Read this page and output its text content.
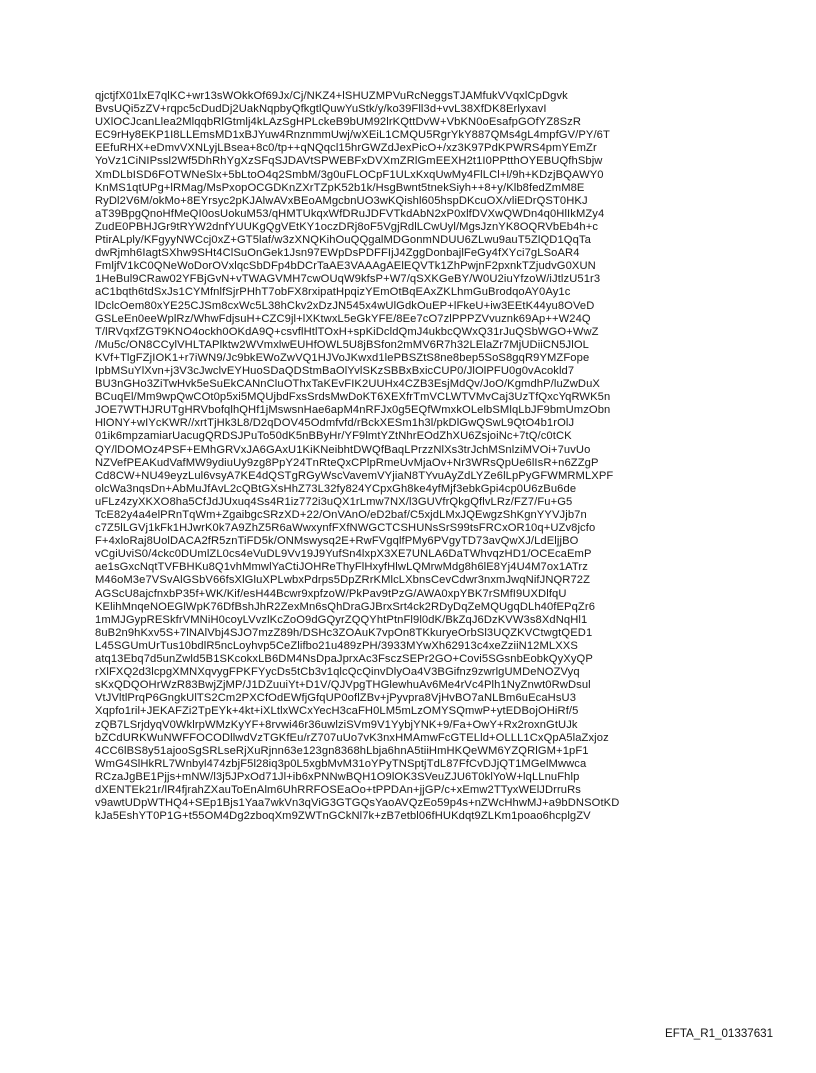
qjctjfX01lxE7qlKC+wr13sWOkkOf69Jx/Cj/NKZ4+lSHUZMPVuRcNeggsTJAMfukVVqxlCpDgvk
BvsUQi5zZV+rqpc5cDudDj2UakNqpbyQfkgtlQuwYuStk/y/ko39Fll3d+vvL38XfDK8ErlyxavI
UXlOCJcanLlea2MlqqbRlGtmlj4kLAzSgHPLckeB9bUM92lrKQttDvW+VbKN0oEsafpGOfYZ8SzR
EC9rHy8EKP1I8LLEmsMD1xBJYuw4RnznmmUwj/wXEiL1CMQU5RgrYkY887QMs4gL4mpfGV/PY/6T
EEfuRHX+eDmvVXNLyjLBsea+8c0/tp++qNQqcl15hrGWZdJexPicO+/xz3K97PdKPWRS4pmYEmZr
YoVz1CiNIPssl2Wf5DhRhYgXzSFqSJDAVtSPWEBFxDVXmZRlGmEEXH2t1I0PPtthOYEBUQfhSbjw
XmDLbISD6FOTWNeSlx+5bLtoO4q2SmbM/3g0uFLOCpF1ULxKxqUwMy4FlLCl+l/9h+KDzjBQAWY0
KnMS1qtUPg+lRMag/MsPxopOCGDKnZXrTZpK52b1k/HsgBwnt5tnekSiyh++8+y/Klb8fedZmM8E
RyDl2V6M/okMo+8EYrsyc2pKJAlwAVxBEoAMgcbnUO3wKQishl605hspDKcuOX/vliEDrQST0HKJ
aT39BpgQnoHfMeQI0osUokuM53/qHMTUkqxWfDRuJDFVTkdAbN2xP0xlfDVXwQWDn4q0HlIkMZy4
ZudE0PBHJGr9tRYW2dnfYUUKgQgVEtKY1oczDRj8oF5VgjRdlLCwUyl/MgsJznYK8OQRVbEb4h+c
PtirALply/KFgyyNWCcj0xZ+GT5laf/w3zXNQKihOuQQgalMDGonmNDUU6ZLwu9auT5ZlQD1QqTa
dwRjmh6IagtSXhw9SHt4ClSuOnGek1Jsn97EWpDsPDFFIjJ4ZggDonbajlFeGy4fXYci7gLSoAR4
FmljfV1kC0QNeWoDorOVxlqcSbDFp4bDCrTaAE3VAAAgAElEQVTk1ZhPwjnF2pxnkTZjudvG0XUN
1HeBul9CRaw02YFBjGvN+vTWAGVMH7cwOUqW9kfsP+W7/qSXKGeBY/W0U2iuYfzoW/iJtlzU51r3
aC1bqth6tdSxJs1CYMfnlfSjrPHhT7obFX8rxipatHpqizYEmOtBqEAxZKLhmGuBrodqoAY0Ay1c
lDclcOem80xYE25CJSm8cxWc5L38hCkv2xDzJN545x4wUlGdkOuEP+lFkeU+iw3EEtK44yu8OVeD
GSLeEn0eeWplRz/WhwFdjsuH+CZC9jl+lXKtwxL5eGkYFE/8Ee7cO7zlPPPZVvuznk69Ap++W24Q
T/lRVqxfZGT9KNO4ockh0OKdA9Q+csvflHtlTOxH+spKiDcldQmJ4ukbcQWxQ31rJuQSbWGO+WwZ
/Mu5c/ON8CCylVHLTAPlktw2WVmxlwEUHfOWL5U8jBSfon2mMV6R7h32LElaZr7MjUDiiCN5JlOL
KVf+TlgFZjIOK1+r7iWN9/Jc9bkEWoZwVQ1HJVoJKwxd1lePBSZtS8ne8bep5SoS8gqR9YMZFope
IpbMSuYlXvn+j3V3cJwclvEYHuoSDaQDStmBaOlYvlSKzSBBxBxicCUP0/JlOlPFU0g0vAcokld7
BU3nGHo3ZiTwHvk5eSuEkCANnCluOThxTaKEvFIK2UUHx4CZB3EsjMdQv/JoO/KgmdhP/luZwDuX
BCuqEl/Mm9wpQwCOt0p5xi5MQUjbdFxsSrdsMwDoKT6XEXfrTmVCLWTVMvCaj3UzTfQxcYqRWK5n
JOE7WTHJRUTgHRVbofqlhQHf1jMswsnHae6apM4nRFJx0g5EQfWmxkOLelbSMlqLbJF9bmUmzObn
HlONY+wIYcKWR//xrtTjHk3L8/D2qDOV45Odmfvfd/rBckXESm1h3l/pkDlGwQSwL9QtO4b1rOlJ
01ik6mpzamiarUacugQRDSJPuTo50dK5nBByHr/YF9lmtYZtNhrEOdZhXU6ZsjoiNc+7tQ/c0tCK
QY/lDOMOz4PSF+EMhGRVxJA6GAxU1KiKNeibhtDWQfBaqLPrzzNlXs3trJchMSnlziMVOi+7uvUo
NZVefPEAKudVafMW9ydiuUy9zg8PpY24TnRteQxCPlpRmeUvMjaOv+Nr3WRsQpUe6lIsR+n6ZZgP
Cd8CW+NU49eyzLul6vsyA7KE4dQSTgRGyWscVavemVYjiaN8TYvuAyZdLYZe6lLpPyGFWMRMLXPF
olcWa3nqsDn+AbMuJfAvL2cQBtGXsHhZ73L32fy824YCpxGh8ke4yfMjf3ebkGpi4cp0U6zBu6de
uFLz4zyXKXO8ha5CfJdJUxuq4Ss4R1iz772i3uQX1rLmw7NX/l3GUVfrQkgQflvLRz/FZ7/Fu+G5
TcE82y4a4elPRnTqWm+ZgaibgcSRzXD+22/OnVAnO/eD2baf/C5xjdLMxJQEwgzShKgnYYVJjb7n
c7Z5lLGVj1kFk1HJwrK0k7A9ZhZ5R6aWwxynfFXfNWGCTCSHUNsSrS99tsFRCxOR10q+UZv8jcfo
F+4xloRaj8UolDACA2fR5znTiFD5k/ONMswysq2E+RwFVgqlfPMy6PVgyTD73avQwXJ/LdEljjBO
vCgiUviS0/4ckc0DUmlZL0cs4eVuDL9Vv19J9YufSn4lxpX3XE7UNLA6DaTWhvqzHD1/OCEcaEmP
ae1sGxcNqtTVFBHKu8Q1vhMmwlYaCtiJOHReThyFlHxyfHlwLQMrwMdg8h6lE8Yj4U4M7ox1ATrz
M46oM3e7VSvAlGSbV66fsXlGluXPLwbxPdrps5DpZRrKMlcLXbnsCevCdwr3nxmJwqNifJNQR72Z
AGScU8ajcfnxbP35f+WK/Kif/esH44Bcwr9xpfzoW/PkPav9tPzG/AWA0xpYBK7rSMfI9UXDlfqU
KElihMnqeNOEGlWpK76DfBshJhR2ZexMn6sQhDraGJBrxSrt4ck2RDyDqZeMQUgqDLh40fEPqZr6
1mMJGypRESkfrVMNiH0coyLVvzlKcZoO9dGQyrZQQYhtPtnFl9l0dK/BkZqJ6DzKVW3s8XdNqHl1
8uB2n9hKxv5S+7lNAlVbj4SJO7mzZ89h/DSHc3ZOAuK7vpOn8TKkuryeOrbSl3UQZKVCtwgtQED1
L45SGUmUrTus10bdlR5ncLoyhvp5CeZlifbo21u489zPH/3933MYwXh62913c4xeZziiN12MLXXS
atq13Ebq7d5unZwld5B1SKcokxLB6DM4NsDpaJprxAc3FsczSEPr2GO+Covi5SGsnbEobkQyXyQP
rXlFXQ2d3lcpgXMNXqvygFPKFYycDs5tCb3v1qlcQcQinvDlyOa4V3BGifnz9zwrlgUMDeNOZVyq
sKxQDQOHrWzR83BwjZjMP/J1DZuuiYt+D1V/QJVpgTHGlewhuAv6Me4rVc4Plh1NyZnwt0RwDsul
VtJVltlPrqP6GngkUlTS2Cm2PXCfOdEWfjGfqUP0oflZBv+jPyvpra8VjHvBO7aNLBm6uEcaHsU3
Xqpfo1ril+JEKAFZi2TpEYk+4kt+iXLtlxWCxYecH3caFH0LM5mLzOMYSQmwP+ytEDBojOHiRf/5
zQB7LSrjdyqV0WklrpWMzKyYF+8rvwi46r36uwlziSVm9V1YybjYNK+9/Fa+OwY+Rx2roxnGtUJk
bZCdURKWuNWFFOCODllwdVzTGKfEu/rZ707uUo7vK3nxHMAmwFcGTELld+OLLL1CxQpA5laZxjoz
4CC6lBS8y51ajooSgSRLseRjXuRjnn63e123gn8368hLbja6hnA5tiiHmHKQeWM6YZQRlGM+1pF1
WmG4SlHkRL7Wnbyl474zbjF5l28iq3p0L5xgbMvM31oYPyTNSptjTdL87FfCvDJjQT1MGelMwwca
RCzaJgBE1Pjjs+mNW/l3j5JPxOd71Jl+ib6xPNNwBQH1O9lOK3SVeuZJU6T0klYoW+lqLLnuFhlp
dXENTEk21r/lR4fjrahZXauToEnAlm6UhRRFOSEaOo+tPPDAn+jjGP/c+xEmw2TTyxWElJDrruRs
v9awtUDpWTHQ4+SEp1Bjs1Yaa7wkVn3qViG3GTGQsYaoAVQzEo59p4s+nZWcHhwMJ+a9bDNSOtKD
kJa5EshYT0P1G+t55OM4Dg2zboqXm9ZWTnGCkNl7k+zB7etbl06fHUKdqt9ZLKm1poao6hcplgZV
EFTA_R1_01337631
